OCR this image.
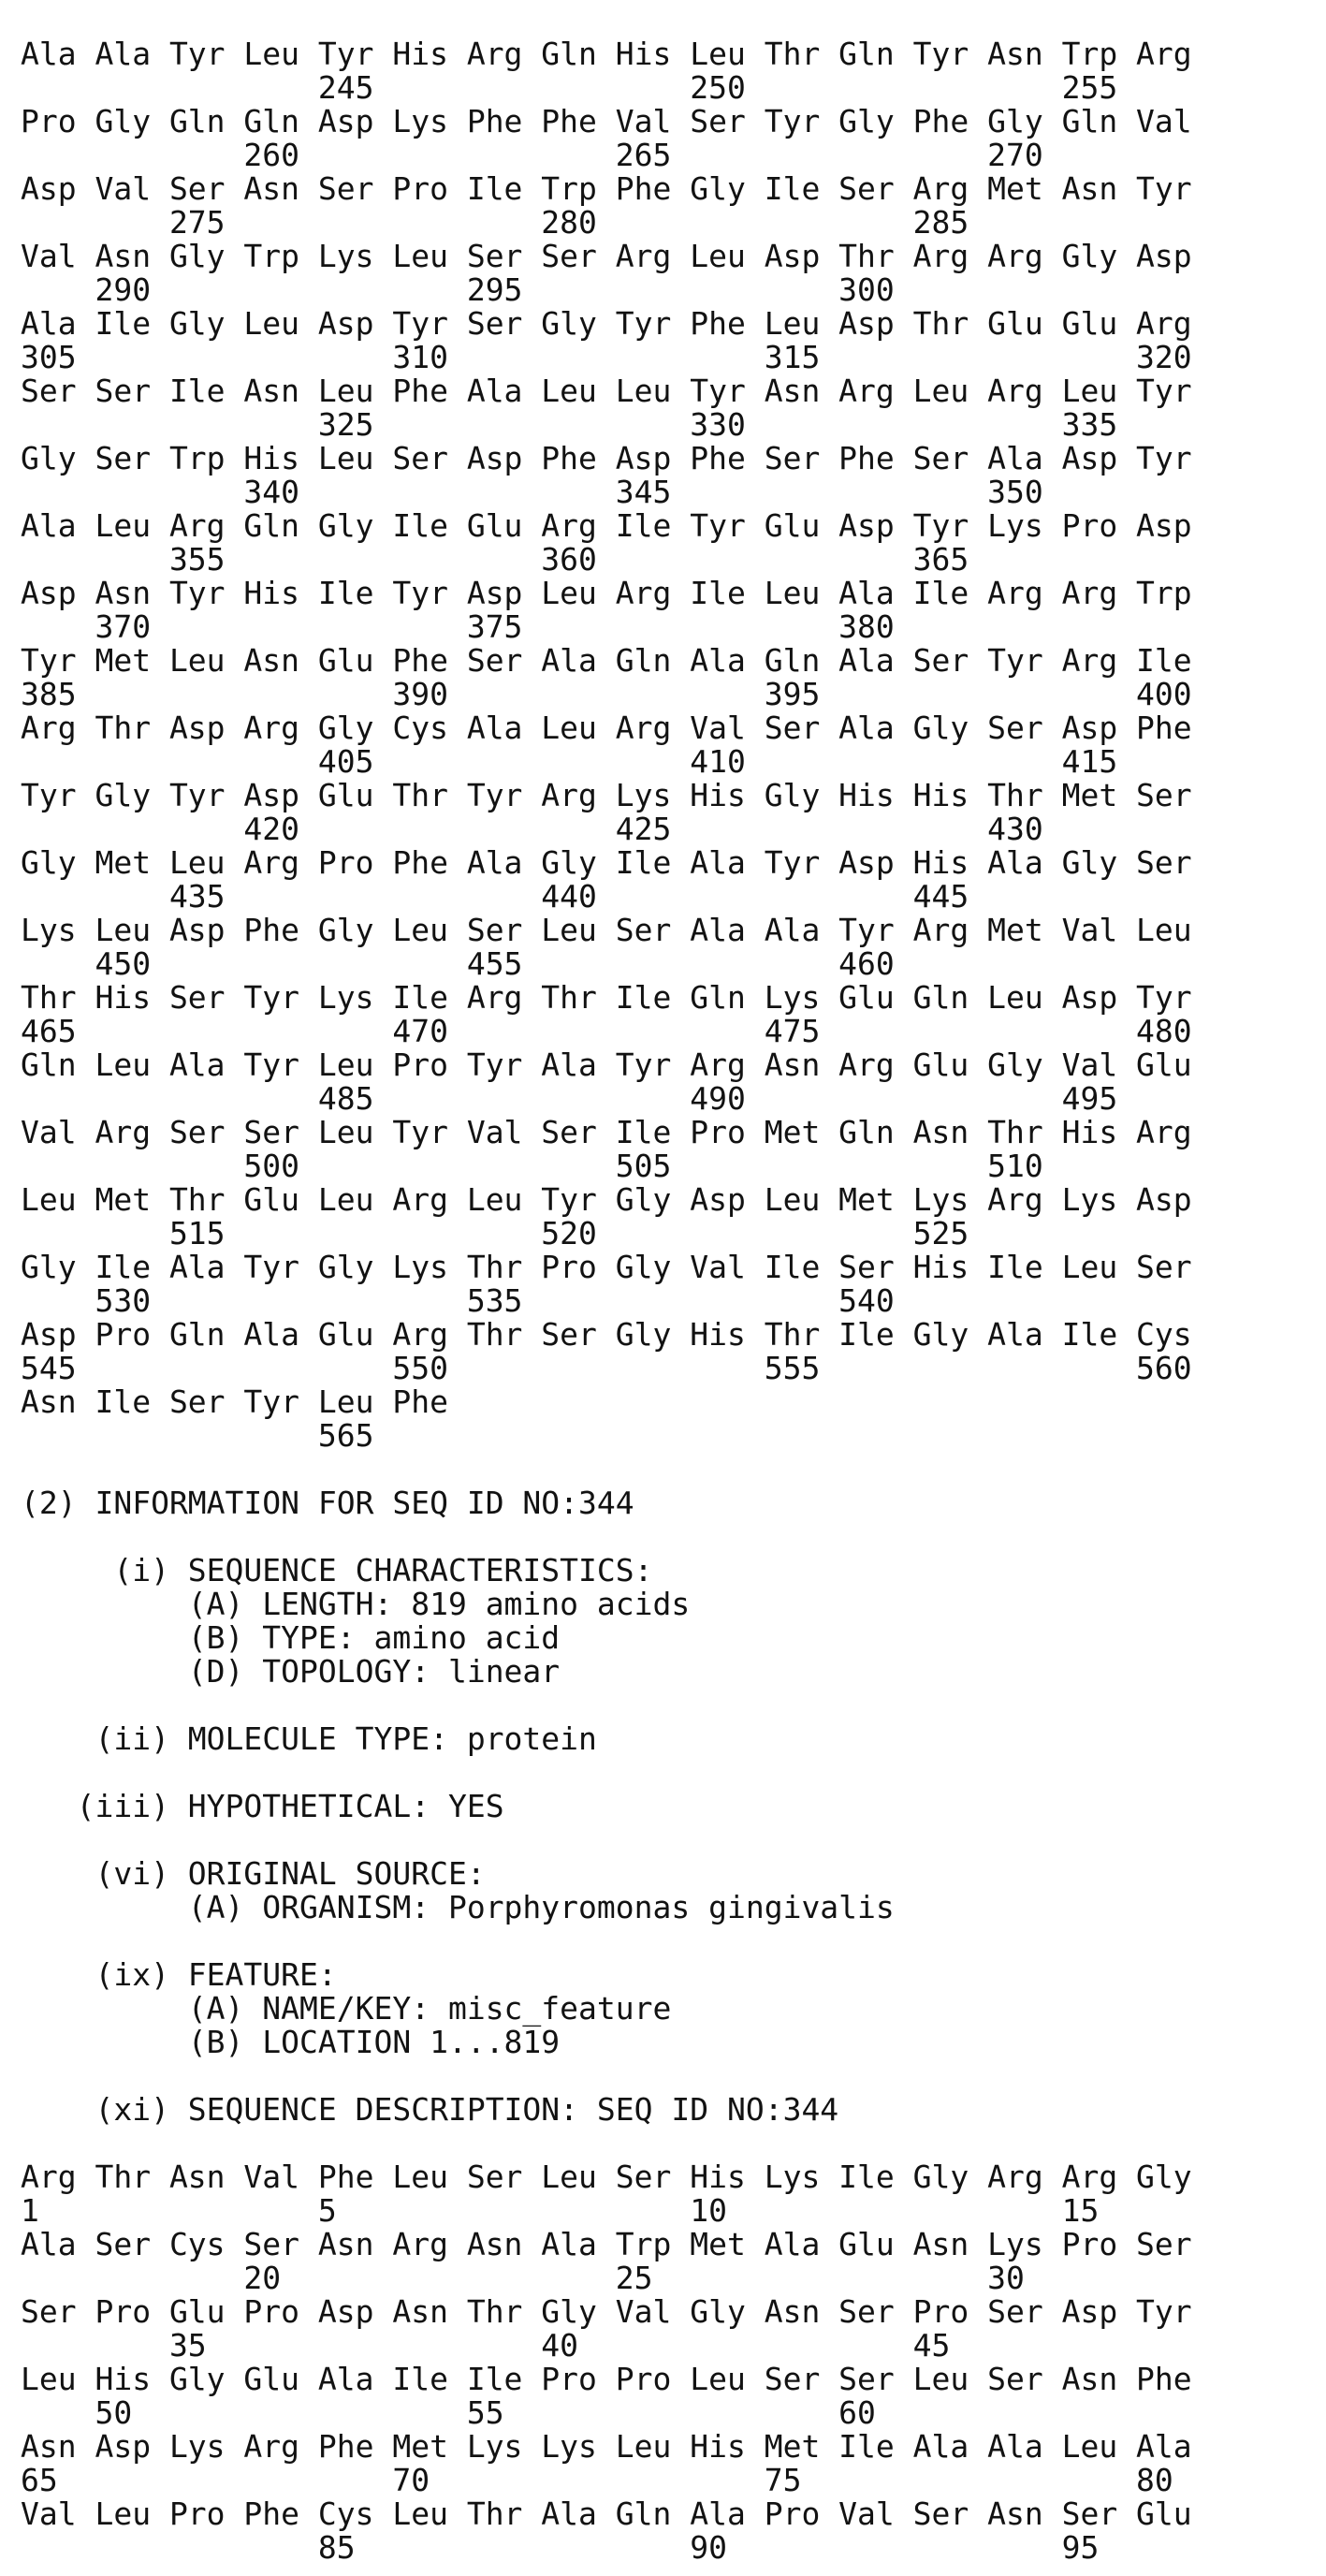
Ala Ala Tyr Leu Tyr His Arg Gln His Leu Thr Gln Tyr Asn Trp Arg
245                 250                 255
Pro Gly Gln Gln Asp Lys Phe Phe Val Ser Tyr Gly Phe Gly Gln Val
260                 265                 270
Asp Val Ser Asn Ser Pro Ile Trp Phe Gly Ile Ser Arg Met Asn Tyr
275                 280                 285
Val Asn Gly Trp Lys Leu Ser Ser Arg Leu Asp Thr Arg Arg Gly Asp
290                 295                 300
Ala Ile Gly Leu Asp Tyr Ser Gly Tyr Phe Leu Asp Thr Glu Glu Arg
305                 310                 315                 320
Ser Ser Ile Asn Leu Phe Ala Leu Leu Tyr Asn Arg Leu Arg Leu Tyr
325                 330                 335
Gly Ser Trp His Leu Ser Asp Phe Asp Phe Ser Phe Ser Ala Asp Tyr
340                 345                 350
Ala Leu Arg Gln Gly Ile Glu Arg Ile Tyr Glu Asp Tyr Lys Pro Asp
355                 360                 365
Asp Asn Tyr His Ile Tyr Asp Leu Arg Ile Leu Ala Ile Arg Arg Trp
370                 375                 380
Tyr Met Leu Asn Glu Phe Ser Ala Gln Ala Gln Ala Ser Tyr Arg Ile
385                 390                 395                 400
Arg Thr Asp Arg Gly Cys Ala Leu Arg Val Ser Ala Gly Ser Asp Phe
405                 410                 415
Tyr Gly Tyr Asp Glu Thr Tyr Arg Lys His Gly His His Thr Met Ser
420                 425                 430
Gly Met Leu Arg Pro Phe Ala Gly Ile Ala Tyr Asp His Ala Gly Ser
435                 440                 445
Lys Leu Asp Phe Gly Leu Ser Leu Ser Ala Ala Tyr Arg Met Val Leu
450                 455                 460
Thr His Ser Tyr Lys Ile Arg Thr Ile Gln Lys Glu Gln Leu Asp Tyr
465                 470                 475                 480
Gln Leu Ala Tyr Leu Pro Tyr Ala Tyr Arg Asn Arg Glu Gly Val Glu
485                 490                 495
Val Arg Ser Ser Leu Tyr Val Ser Ile Pro Met Gln Asn Thr His Arg
500                 505                 510
Leu Met Thr Glu Leu Arg Leu Tyr Gly Asp Leu Met Lys Arg Lys Asp
515                 520                 525
Gly Ile Ala Tyr Gly Lys Thr Pro Gly Val Ile Ser His Ile Leu Ser
530                 535                 540
Asp Pro Gln Ala Glu Arg Thr Ser Gly His Thr Ile Gly Ala Ile Cys
545                 550                 555                 560
Asn Ile Ser Tyr Leu Phe
565
(2) INFORMATION FOR SEQ ID NO:344

(i) SEQUENCE CHARACTERISTICS:
(A) LENGTH: 819 amino acids
(B) TYPE: amino acid
(D) TOPOLOGY: linear

(ii) MOLECULE TYPE: protein

(iii) HYPOTHETICAL: YES

(vi) ORIGINAL SOURCE:
(A) ORGANISM: Porphyromonas gingivalis

(ix) FEATURE:
(A) NAME/KEY: misc_feature
(B) LOCATION 1...819

(xi) SEQUENCE DESCRIPTION: SEQ ID NO:344
Arg Thr Asn Val Phe Leu Ser Leu Ser His Lys Ile Gly Arg Arg Gly
1               5                   10                  15
Ala Ser Cys Ser Asn Arg Asn Ala Trp Met Ala Glu Asn Lys Pro Ser
20                  25                  30
Ser Pro Glu Pro Asp Asn Thr Gly Val Gly Asn Ser Pro Ser Asp Tyr
35                  40                  45
Leu His Gly Glu Ala Ile Ile Pro Pro Leu Ser Ser Leu Ser Asn Phe
50                  55                  60
Asn Asp Lys Arg Phe Met Lys Lys Leu His Met Ile Ala Ala Leu Ala
65                  70                  75                  80
Val Leu Pro Phe Cys Leu Thr Ala Gln Ala Pro Val Ser Asn Ser Glu
85                  90                  95
